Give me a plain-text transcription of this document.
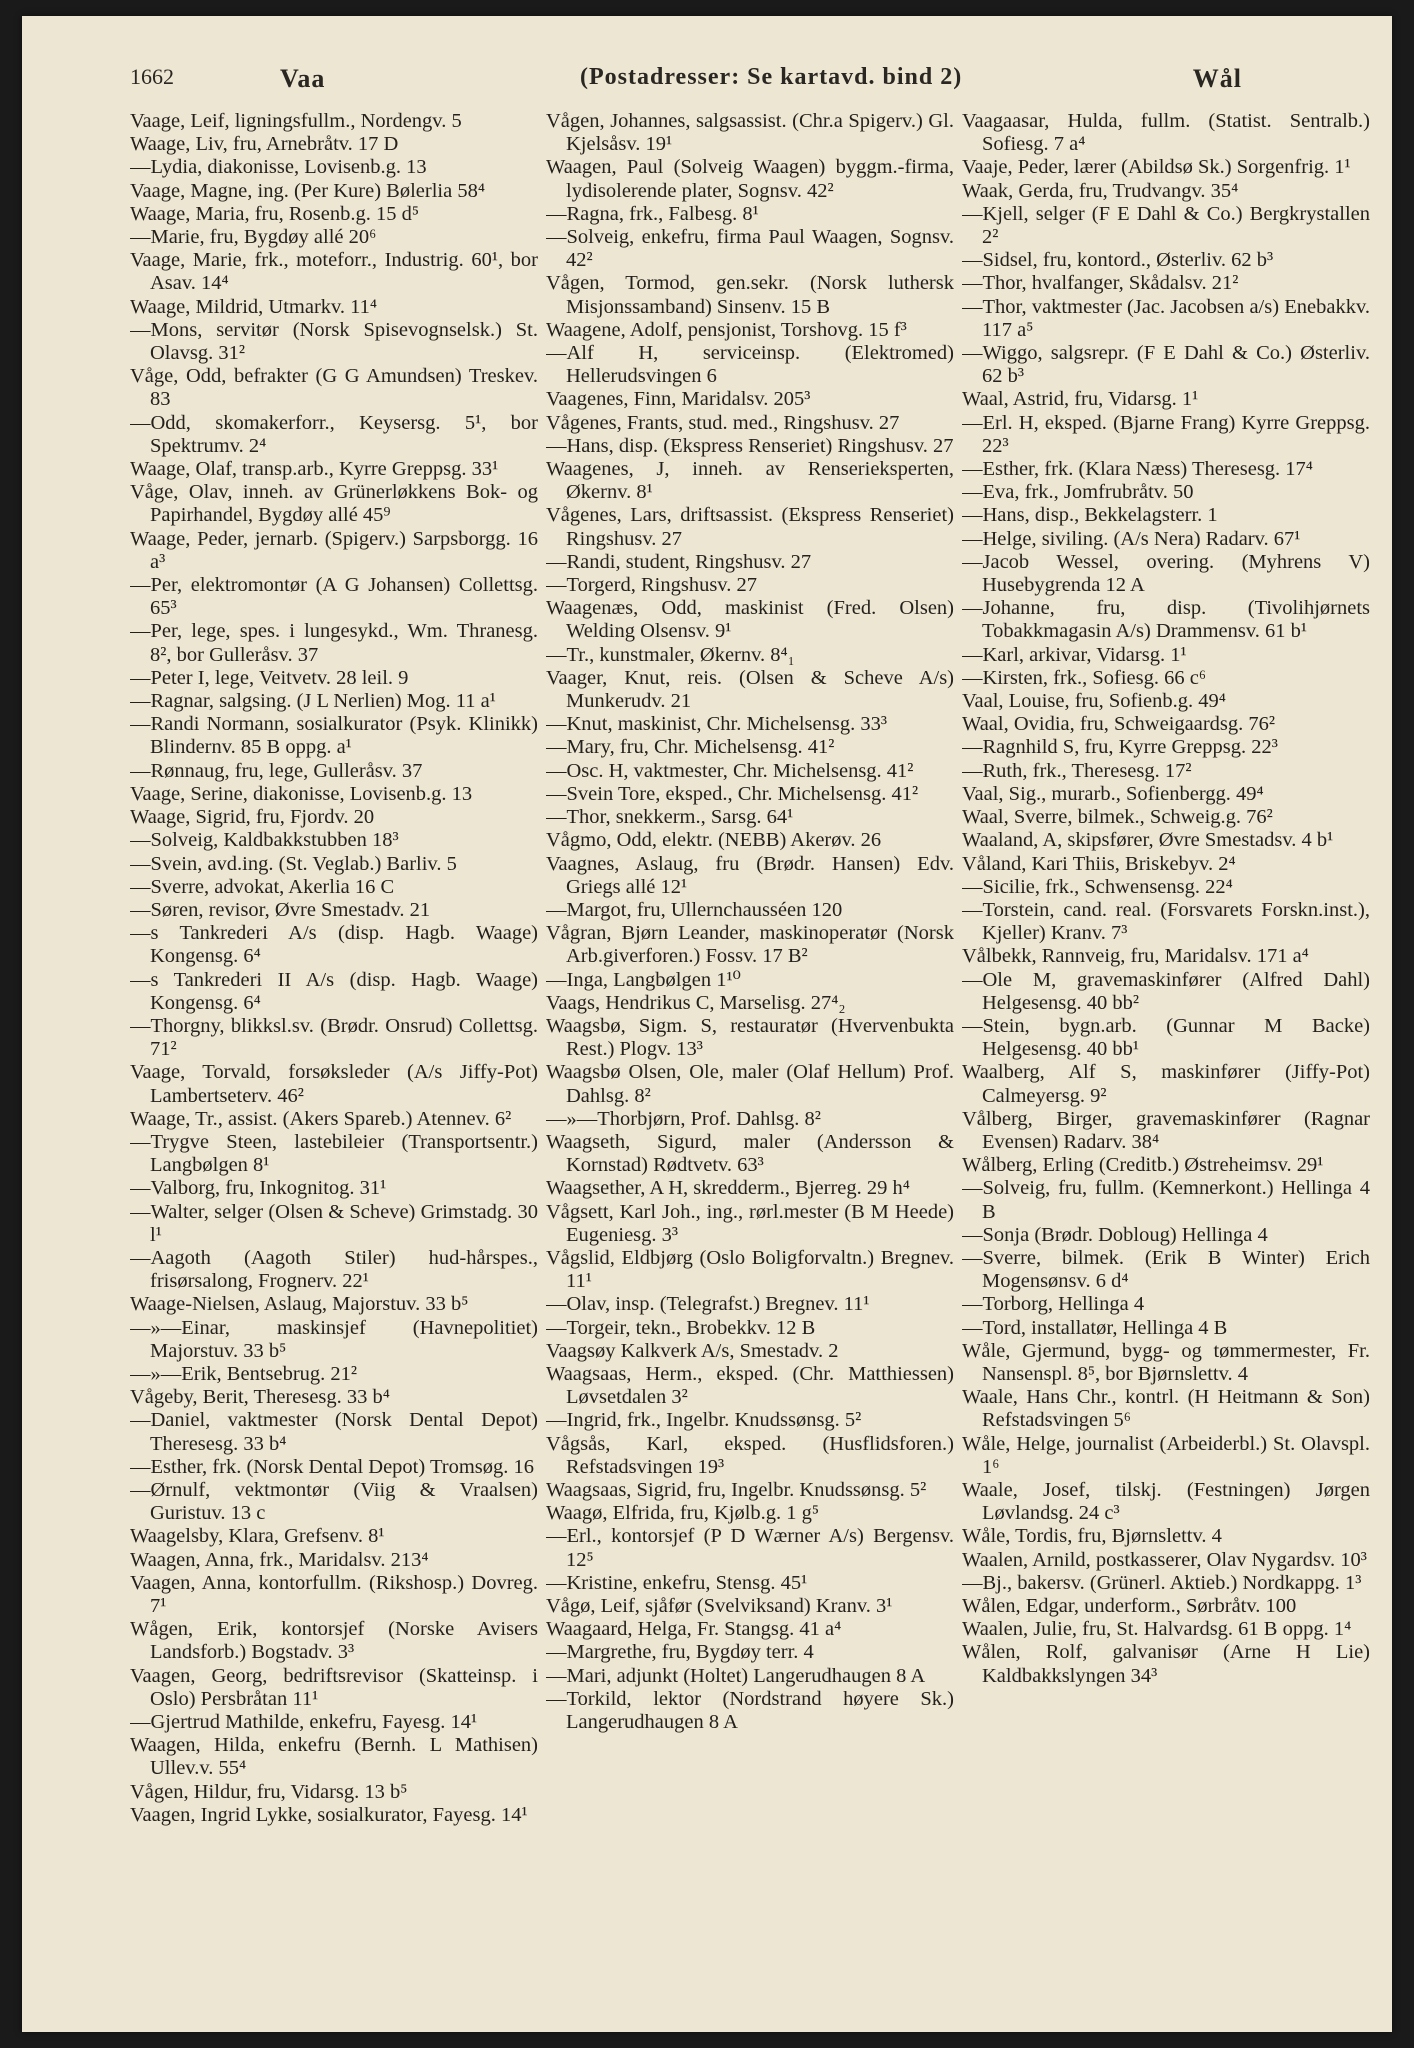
1662	Vaa	(Postadresser: Se kartavd. bind 2)	Wål

Vaage, Leif, ligningsfullm., Nordengv. 5

Waage, Liv, fru, Arnebråtv. 17 D

—Lydia, diakonisse, Lovisenb.g. 13

Vaage, Magne, ing. (Per Kure) Bølerlia 58⁴

Waage, Maria, fru, Rosenb.g. 15 d⁵

—Marie, fru, Bygdøy allé 20⁶

Vaage, Marie, frk., moteforr., Industrig. 60¹, bor Asav. 14⁴

Waage, Mildrid, Utmarkv. 11⁴

—Mons, servitør (Norsk Spisevognselsk.) St. Olavsg. 31²

Våge, Odd, befrakter (G G Amundsen) Treskev. 83

—Odd, skomakerforr., Keysersg. 5¹, bor Spektrumv. 2⁴

Waage, Olaf, transp.arb., Kyrre Greppsg. 33¹

Våge, Olav, inneh. av Grünerløkkens Bok- og Papirhandel, Bygdøy allé 45⁹

Waage, Peder, jernarb. (Spigerv.) Sarpsborgg. 16 a³

—Per, elektromontør (A G Johansen) Collettsg. 65³

—Per, lege, spes. i lungesykd., Wm. Thranesg. 8², bor Gulleråsv. 37

—Peter I, lege, Veitvetv. 28 leil. 9

—Ragnar, salgsing. (J L Nerlien) Mog. 11 a¹

—Randi Normann, sosialkurator (Psyk. Klinikk) Blindernv. 85 B oppg. a¹

—Rønnaug, fru, lege, Gulleråsv. 37

Vaage, Serine, diakonisse, Lovisenb.g. 13

Waage, Sigrid, fru, Fjordv. 20

—Solveig, Kaldbakkstubben 18³

—Svein, avd.ing. (St. Veglab.) Barliv. 5

—Sverre, advokat, Akerlia 16 C

—Søren, revisor, Øvre Smestadv. 21

—s Tankrederi A/s (disp. Hagb. Waage) Kongensg. 6⁴

—s Tankrederi II A/s (disp. Hagb. Waage) Kongensg. 6⁴

—Thorgny, blikksl.sv. (Brødr. Onsrud) Collettsg. 71²

Vaage, Torvald, forsøksleder (A/s Jiffy-Pot) Lambertseterv. 46²

Waage, Tr., assist. (Akers Spareb.) Atennev. 6²

—Trygve Steen, lastebileier (Transportsentr.) Langbølgen 8¹

—Valborg, fru, Inkognitog. 31¹

—Walter, selger (Olsen & Scheve) Grimstadg. 30 l¹

—Aagoth (Aagoth Stiler) hud-hårspes., frisørsalong, Frognerv. 22¹

Waage-Nielsen, Aslaug, Majorstuv. 33 b⁵

—»—Einar, maskinsjef (Havnepolitiet) Majorstuv. 33 b⁵

—»—Erik, Bentsebrug. 21²

Vågeby, Berit, Theresesg. 33 b⁴

—Daniel, vaktmester (Norsk Dental Depot) Theresesg. 33 b⁴

—Esther, frk. (Norsk Dental Depot) Tromsøg. 16

—Ørnulf, vektmontør (Viig & Vraalsen) Guristuv. 13 c

Waagelsby, Klara, Grefsenv. 8¹

Waagen, Anna, frk., Maridalsv. 213⁴

Vaagen, Anna, kontorfullm. (Rikshosp.) Dovreg. 7¹

Wågen, Erik, kontorsjef (Norske Avisers Landsforb.) Bogstadv. 3³

Vaagen, Georg, bedriftsrevisor (Skatteinsp. i Oslo) Persbråtan 11¹

—Gjertrud Mathilde, enkefru, Fayesg. 14¹

Waagen, Hilda, enkefru (Bernh. L Mathisen) Ullev.v. 55⁴

Vågen, Hildur, fru, Vidarsg. 13 b⁵

Vaagen, Ingrid Lykke, sosialkurator, Fayesg. 14¹

Vågen, Johannes, salgsassist. (Chr.a Spigerv.) Gl. Kjelsåsv. 19¹

Waagen, Paul (Solveig Waagen) byggm.-firma, lydisolerende plater, Sognsv. 42²

—Ragna, frk., Falbesg. 8¹

—Solveig, enkefru, firma Paul Waagen, Sognsv. 42²

Vågen, Tormod, gen.sekr. (Norsk luthersk Misjonssamband) Sinsenv. 15 B

Waagene, Adolf, pensjonist, Torshovg. 15 f³

—Alf H, serviceinsp. (Elektromed) Hellerudsvingen 6

Vaagenes, Finn, Maridalsv. 205³

Vågenes, Frants, stud. med., Ringshusv. 27

—Hans, disp. (Ekspress Renseriet) Ringshusv. 27

Waagenes, J, inneh. av Renserieksperten, Økernv. 8¹

Vågenes, Lars, driftsassist. (Ekspress Renseriet) Ringshusv. 27

—Randi, student, Ringshusv. 27

—Torgerd, Ringshusv. 27

Waagenæs, Odd, maskinist (Fred. Olsen) Welding Olsensv. 9¹

—Tr., kunstmaler, Økernv. 8⁴₁

Vaager, Knut, reis. (Olsen & Scheve A/s) Munkerudv. 21

—Knut, maskinist, Chr. Michelsensg. 33³

—Mary, fru, Chr. Michelsensg. 41²

—Osc. H, vaktmester, Chr. Michelsensg. 41²

—Svein Tore, eksped., Chr. Michelsensg. 41²

—Thor, snekkerm., Sarsg. 64¹

Vågmo, Odd, elektr. (NEBB) Akerøv. 26

Vaagnes, Aslaug, fru (Brødr. Hansen) Edv. Griegs allé 12¹

—Margot, fru, Ullernchausséen 120

Vågran, Bjørn Leander, maskinoperatør (Norsk Arb.giverforen.) Fossv. 17 B²

—Inga, Langbølgen 1¹⁰

Vaags, Hendrikus C, Marselisg. 27⁴₂

Waagsbø, Sigm. S, restauratør (Hvervenbukta Rest.) Plogv. 13³

Waagsbø Olsen, Ole, maler (Olaf Hellum) Prof. Dahlsg. 8²

—»—Thorbjørn, Prof. Dahlsg. 8²

Waagseth, Sigurd, maler (Andersson & Kornstad) Rødtvetv. 63³

Waagsether, A H, skredderm., Bjerreg. 29 h⁴

Vågsett, Karl Joh., ing., rørl.mester (B M Heede) Eugeniesg. 3³

Vågslid, Eldbjørg (Oslo Boligforvaltn.) Bregnev. 11¹

—Olav, insp. (Telegrafst.) Bregnev. 11¹

—Torgeir, tekn., Brobekkv. 12 B

Vaagsøy Kalkverk A/s, Smestadv. 2

Waagsaas, Herm., eksped. (Chr. Matthiessen) Løvsetdalen 3²

—Ingrid, frk., Ingelbr. Knudssønsg. 5²

Vågsås, Karl, eksped. (Husflidsforen.) Refstadsvingen 19³

Waagsaas, Sigrid, fru, Ingelbr. Knudssønsg. 5²

Waagø, Elfrida, fru, Kjølb.g. 1 g⁵

—Erl., kontorsjef (P D Wærner A/s) Bergensv. 12⁵

—Kristine, enkefru, Stensg. 45¹

Vågø, Leif, sjåfør (Svelviksand) Kranv. 3¹

Waagaard, Helga, Fr. Stangsg. 41 a⁴

—Margrethe, fru, Bygdøy terr. 4

—Mari, adjunkt (Holtet) Langerudhaugen 8 A

—Torkild, lektor (Nordstrand høyere Sk.) Langerudhaugen 8 A

Vaagaasar, Hulda, fullm. (Statist. Sentralb.) Sofiesg. 7 a⁴

Vaaje, Peder, lærer (Abildsø Sk.) Sorgenfrig. 1¹

Waak, Gerda, fru, Trudvangv. 35⁴

—Kjell, selger (F E Dahl & Co.) Bergkrystallen 2²

—Sidsel, fru, kontord., Østerliv. 62 b³

—Thor, hvalfanger, Skådalsv. 21²

—Thor, vaktmester (Jac. Jacobsen a/s) Enebakkv. 117 a⁵

—Wiggo, salgsrepr. (F E Dahl & Co.) Østerliv. 62 b³

Waal, Astrid, fru, Vidarsg. 1¹

—Erl. H, eksped. (Bjarne Frang) Kyrre Greppsg. 22³

—Esther, frk. (Klara Næss) Theresesg. 17⁴

—Eva, frk., Jomfrubråtv. 50

—Hans, disp., Bekkelagsterr. 1

—Helge, siviling. (A/s Nera) Radarv. 67¹

—Jacob Wessel, overing. (Myhrens V) Husebygrenda 12 A

—Johanne, fru, disp. (Tivolihjørnets Tobakkmagasin A/s) Drammensv. 61 b¹

—Karl, arkivar, Vidarsg. 1¹

—Kirsten, frk., Sofiesg. 66 c⁶

Vaal, Louise, fru, Sofienb.g. 49⁴

Waal, Ovidia, fru, Schweigaardsg. 76²

—Ragnhild S, fru, Kyrre Greppsg. 22³

—Ruth, frk., Theresesg. 17²

Vaal, Sig., murarb., Sofienbergg. 49⁴

Waal, Sverre, bilmek., Schweig.g. 76²

Waaland, A, skipsfører, Øvre Smestadsv. 4 b¹

Våland, Kari Thiis, Briskebyv. 2⁴

—Sicilie, frk., Schwensensg. 22⁴

—Torstein, cand. real. (Forsvarets Forskn.inst.), Kjeller) Kranv. 7³

Vålbekk, Rannveig, fru, Maridalsv. 171 a⁴

—Ole M, gravemaskinfører (Alfred Dahl) Helgesensg. 40 bb²

—Stein, bygn.arb. (Gunnar M Backe) Helgesensg. 40 bb¹

Waalberg, Alf S, maskinfører (Jiffy-Pot) Calmeyersg. 9²

Vålberg, Birger, gravemaskinfører (Ragnar Evensen) Radarv. 38⁴

Wålberg, Erling (Creditb.) Østreheimsv. 29¹

—Solveig, fru, fullm. (Kemnerkont.) Hellinga 4 B

—Sonja (Brødr. Dobloug) Hellinga 4

—Sverre, bilmek. (Erik B Winter) Erich Mogensønsv. 6 d⁴

—Torborg, Hellinga 4

—Tord, installatør, Hellinga 4 B

Wåle, Gjermund, bygg- og tømmermester, Fr. Nansenspl. 8⁵, bor Bjørnslettv. 4

Waale, Hans Chr., kontrl. (H Heitmann & Son) Refstadsvingen 5⁶

Wåle, Helge, journalist (Arbeiderbl.) St. Olavspl. 1⁶

Waale, Josef, tilskj. (Festningen) Jørgen Løvlandsg. 24 c³

Wåle, Tordis, fru, Bjørnslettv. 4

Waalen, Arnild, postkasserer, Olav Nygardsv. 10³

—Bj., bakersv. (Grünerl. Aktieb.) Nordkappg. 1³

Wålen, Edgar, underform., Sørbråtv. 100

Waalen, Julie, fru, St. Halvardsg. 61 B oppg. 1⁴

Wålen, Rolf, galvanisør (Arne H Lie) Kaldbakkslyngen 34³
